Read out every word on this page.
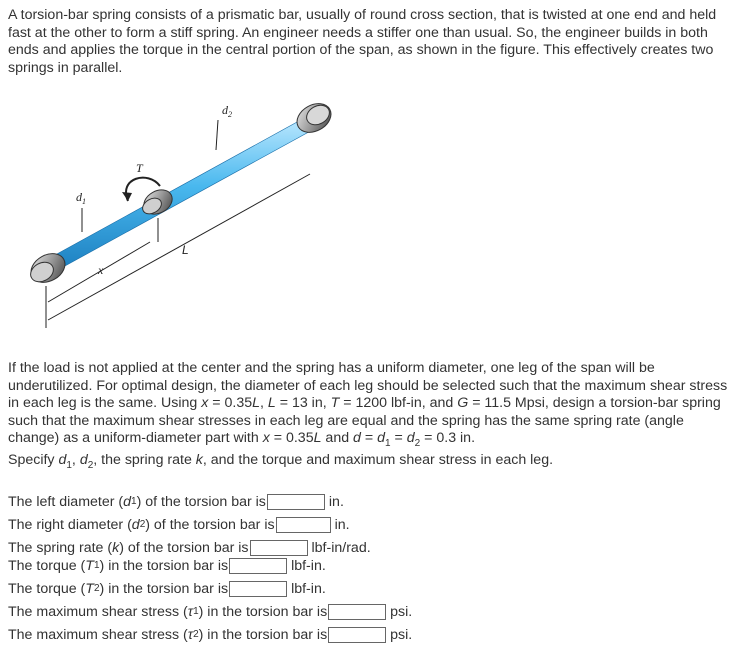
A torsion-bar spring consists of a prismatic bar, usually of round cross section, that is twisted at one end and held fast at the other to form a stiff spring. An engineer needs a stiffer one than usual. So, the engineer builds in both ends and applies the torque in the central portion of the span, as shown in the figure. This effectively creates two springs in parallel.
$d_1$
$d_2$
T
L
x
If the load is not applied at the center and the spring has a uniform diameter, one leg of the span will be underutilized. For optimal design, the diameter of each leg should be selected such that the maximum shear stress in each leg is the same. Using x = 0.35L, L = 13 in, T = 1200 lbf-in, and G = 11.5 Mpsi, design a torsion-bar spring such that the maximum shear stresses in each leg are equal and the spring has the same spring rate (angle change) as a uniform-diameter part with x = 0.35L and $d = d_1 = d_2 = 0.3$ in.
Specify $d_1$, $d_2$, the spring rate k, and the torque and maximum shear stress in each leg.
The left diameter ( d 1 ) of the torsion bar is	in.
The right diameter ( d 2 ) of the torsion bar is	in.
The spring rate ( k ) of the torsion bar is	lbf-in/rad.
The torque ( T 1 ) in the torsion bar is	lbf-in.
The torque ( T 2 ) in the torsion bar is	lbf-in.
The maximum shear stress ( τ 1 ) in the torsion bar is	psi.
The maximum shear stress ( τ 2 ) in the torsion bar is	psi.
